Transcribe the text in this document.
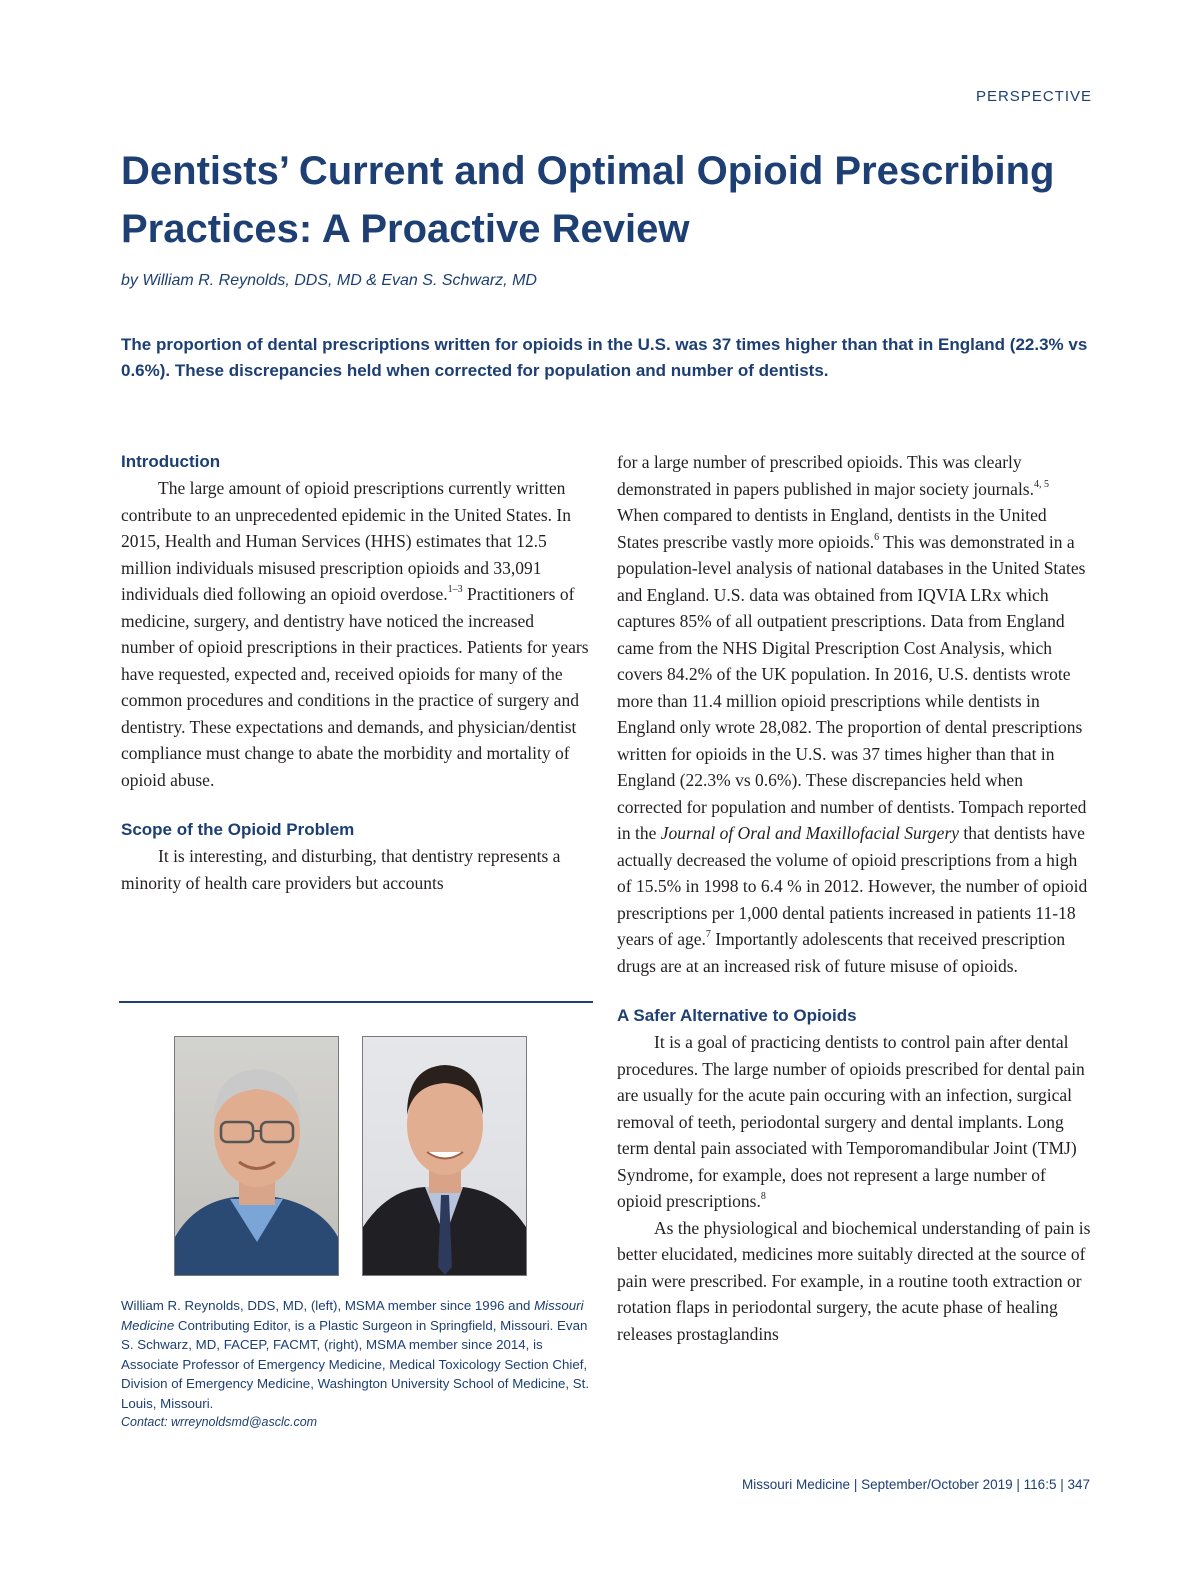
PERSPECTIVE
Dentists’ Current and Optimal Opioid Prescribing Practices: A Proactive Review
by William R. Reynolds, DDS, MD & Evan S. Schwarz, MD

The proportion of dental prescriptions written for opioids in the U.S. was 37 times higher than that in England (22.3% vs 0.6%). These discrepancies held when corrected for population and number of dentists.

Introduction

The large amount of opioid prescriptions currently written contribute to an unprecedented epidemic in the United States. In 2015, Health and Human Services (HHS) estimates that 12.5 million individuals misused prescription opioids and 33,091 individuals died following an opioid overdose.$^{1-3}$ Practitioners of medicine, surgery, and dentistry have noticed the increased number of opioid prescriptions in their practices. Patients for years have requested, expected and, received opioids for many of the common procedures and conditions in the practice of surgery and dentistry. These expectations and demands, and physician/dentist compliance must change to abate the morbidity and mortality of opioid abuse.

Scope of the Opioid Problem

It is interesting, and disturbing, that dentistry represents a minority of health care providers but accounts

William R. Reynolds, DDS, MD, (left), MSMA member since 1996 and Missouri Medicine Contributing Editor, is a Plastic Surgeon in Springfield, Missouri. Evan S. Schwarz, MD, FACEP, FACMT, (right), MSMA member since 2014, is Associate Professor of Emergency Medicine, Medical Toxicology Section Chief, Division of Emergency Medicine, Washington University School of Medicine, St. Louis, Missouri.
Contact: wrreynoldsmd@asclc.com

for a large number of prescribed opioids. This was clearly demonstrated in papers published in major society journals.$^{4, 5}$ When compared to dentists in England, dentists in the United States prescribe vastly more opioids.$^6$ This was demonstrated in a population-level analysis of national databases in the United States and England. U.S. data was obtained from IQVIA LRx which captures 85% of all outpatient prescriptions. Data from England came from the NHS Digital Prescription Cost Analysis, which covers 84.2% of the UK population. In 2016, U.S. dentists wrote more than 11.4 million opioid prescriptions while dentists in England only wrote 28,082. The proportion of dental prescriptions written for opioids in the U.S. was 37 times higher than that in England (22.3% vs 0.6%). These discrepancies held when corrected for population and number of dentists. Tompach reported in the Journal of Oral and Maxillofacial Surgery that dentists have actually decreased the volume of opioid prescriptions from a high of 15.5% in 1998 to 6.4 % in 2012. However, the number of opioid prescriptions per 1,000 dental patients increased in patients 11-18 years of age.$^7$ Importantly adolescents that received prescription drugs are at an increased risk of future misuse of opioids.

A Safer Alternative to Opioids

It is a goal of practicing dentists to control pain after dental procedures. The large number of opioids prescribed for dental pain are usually for the acute pain occuring with an infection, surgical removal of teeth, periodontal surgery and dental implants. Long term dental pain associated with Temporomandibular Joint (TMJ) Syndrome, for example, does not represent a large number of opioid prescriptions.$^8$

As the physiological and biochemical understanding of pain is better elucidated, medicines more suitably directed at the source of pain were prescribed. For example, in a routine tooth extraction or rotation flaps in periodontal surgery, the acute phase of healing releases prostaglandins

Missouri Medicine | September/October 2019 | 116:5 | 347
